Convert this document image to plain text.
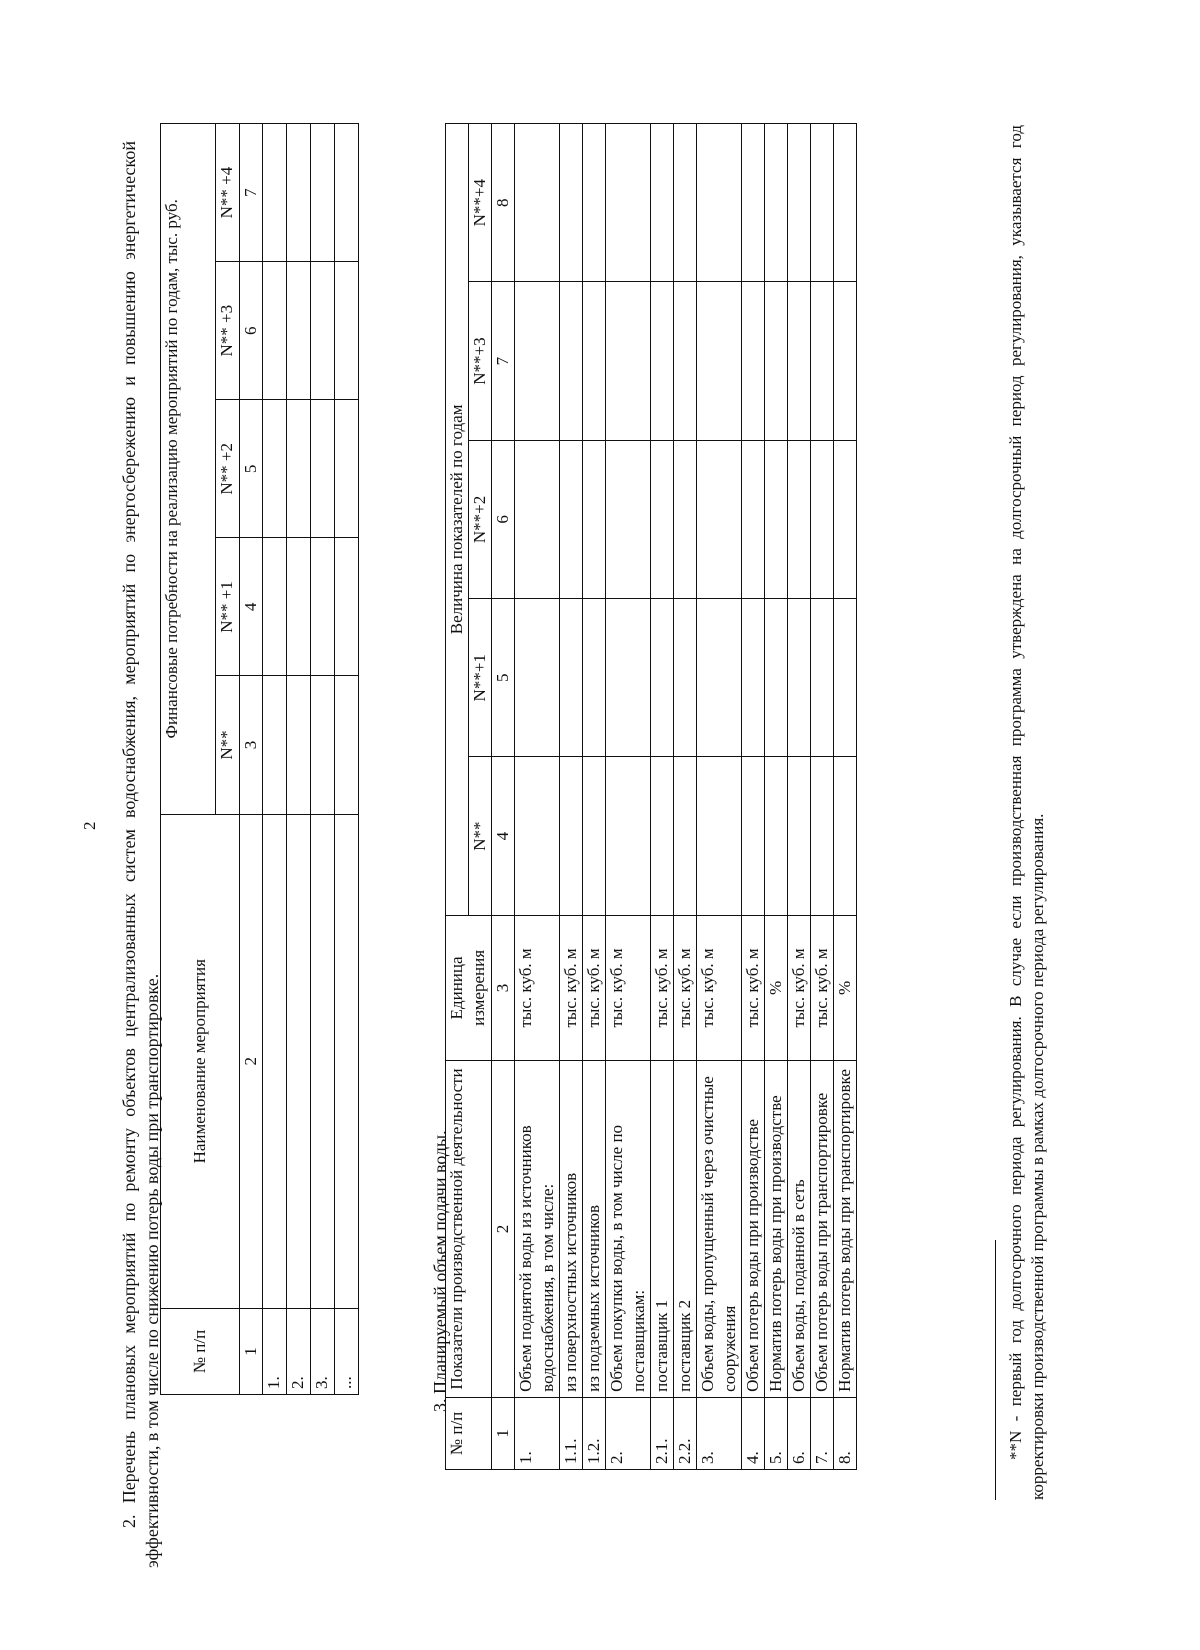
2 2. Перечень плановых мероприятий по ремонту объектов централизованных систем водоснабжения, мероприятий по энергосбережению и повышению энергетической эффективности, в том числе по снижению потерь воды при транспортировке. № п/п	Наименование мероприятия	Финансовые потребности на реализацию мероприятий по годам, тыс. руб.				
		N**	N** +1	N** +2	N** +3	N** +4
1	2	3	4	5	6	7
1.						
2.						
3.						
...							3. Планируемый объем подачи воды.
№ п/п	Показатели производственной деятельности	Единица измерения	Величина показателей по годам				
			N**	N**+1	N**+2	N**+3	N**+4
1	2	3	4	5	6	7	8
1.	Объем поднятой воды из источников водоснабжения, в том числе:	тыс. куб. м					
1.1.	из поверхностных источников	тыс. куб. м					
1.2.	из подземных источников	тыс. куб. м					
2.	Объем покупки воды, в том числе по поставщикам:	тыс. куб. м					
2.1.	поставщик 1	тыс. куб. м					
2.2.	поставщик 2	тыс. куб. м					
3.	Объем воды, пропущенный через очистные сооружения	тыс. куб. м					
4.	Объем потерь воды при производстве	тыс. куб. м					
5.	Норматив потерь воды при производстве	%					
6.	Объем воды, поданной в сеть	тыс. куб. м					
7.	Объем потерь воды при транспортировке	тыс. куб. м					
8.	Норматив потерь воды при транспортировке	%						**N - первый год долгосрочного периода регулирования. В случае если производственная программа утверждена на долгосрочный период регулирования, указывается год корректировки производственной программы в рамках долгосрочного периода регулирования.
